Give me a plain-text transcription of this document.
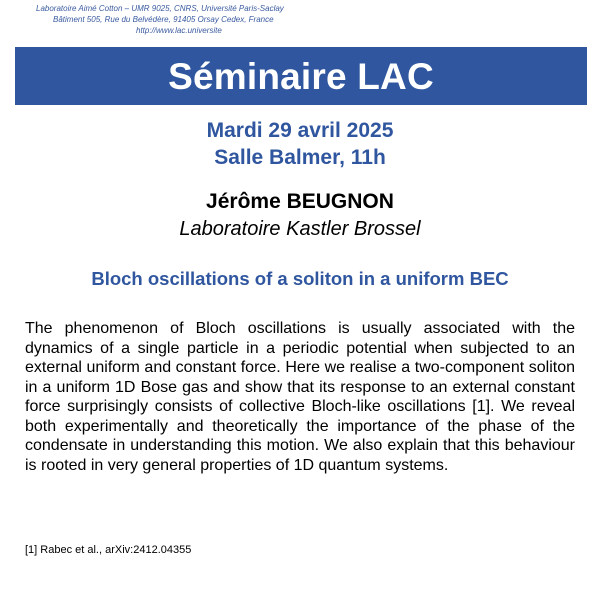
Laboratoire Aimé Cotton – UMR 9025, CNRS, Université Paris-Saclay
Bâtiment 505, Rue du Belvédère, 91405 Orsay Cedex, France
http://www.lac.universite
Séminaire LAC
Mardi 29 avril 2025
Salle Balmer, 11h
Jérôme BEUGNON
Laboratoire Kastler Brossel
Bloch oscillations of a soliton in a uniform BEC

The phenomenon of Bloch oscillations is usually associated with the dynamics of a single particle in a periodic potential when subjected to an external uniform and constant force. Here we realise a two-component soliton in a uniform 1D Bose gas and show that its response to an external constant force surprisingly consists of collective Bloch-like oscillations [1]. We reveal both experimentally and theoretically the importance of the phase of the condensate in understanding this motion. We also explain that this behaviour is rooted in very general properties of 1D quantum systems.

[1] Rabec et al., arXiv:2412.04355
